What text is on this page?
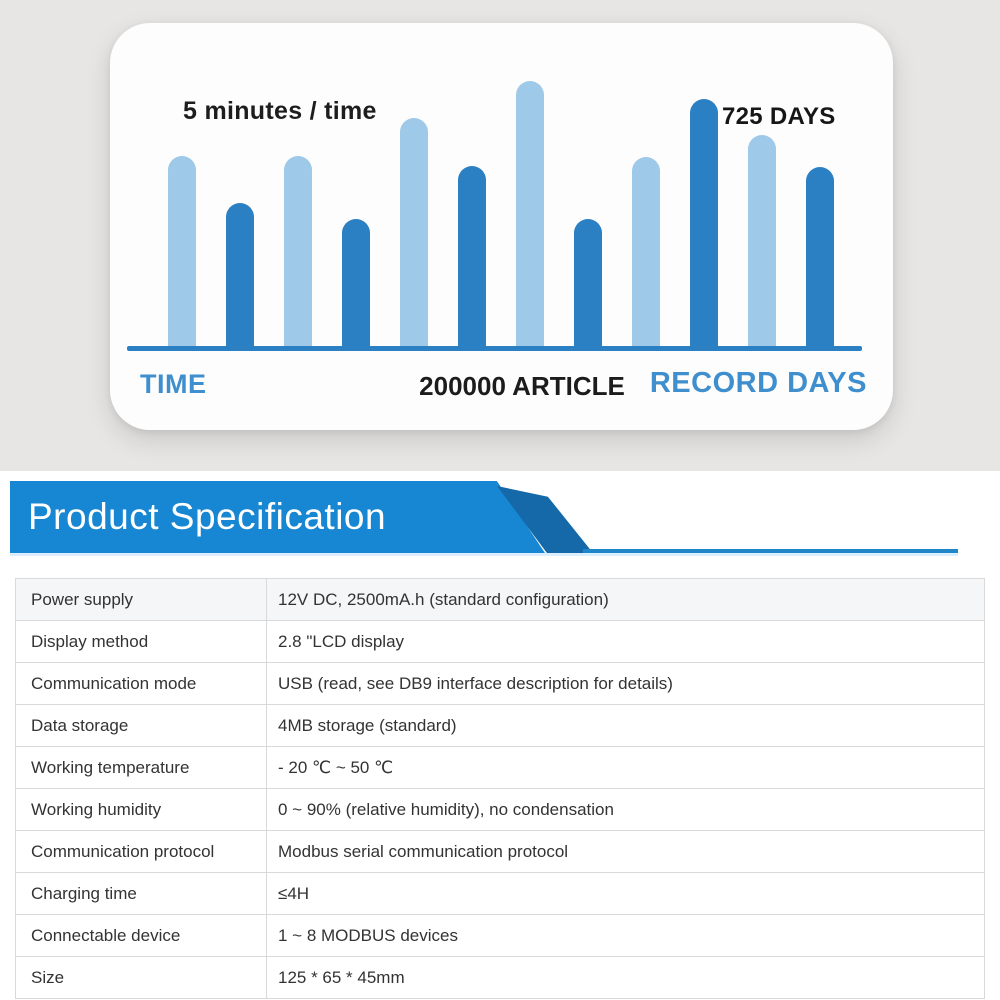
5 minutes / time	725 DAYS
TIME	200000 ARTICLE RECORD DAYS
Product Specification
Power supply	12V DC, 2500mA.h (standard configuration)
Display method	2.8 "LCD display
Communication mode	USB (read, see DB9 interface description for details)
Data storage	4MB storage (standard)
Working temperature	- 20 ℃ ~ 50 ℃
Working humidity	0 ~ 90% (relative humidity), no condensation
Communication protocol	Modbus serial communication protocol
Charging time	≤4H
Connectable device	1 ~ 8 MODBUS devices
Size	125 * 65 * 45mm
